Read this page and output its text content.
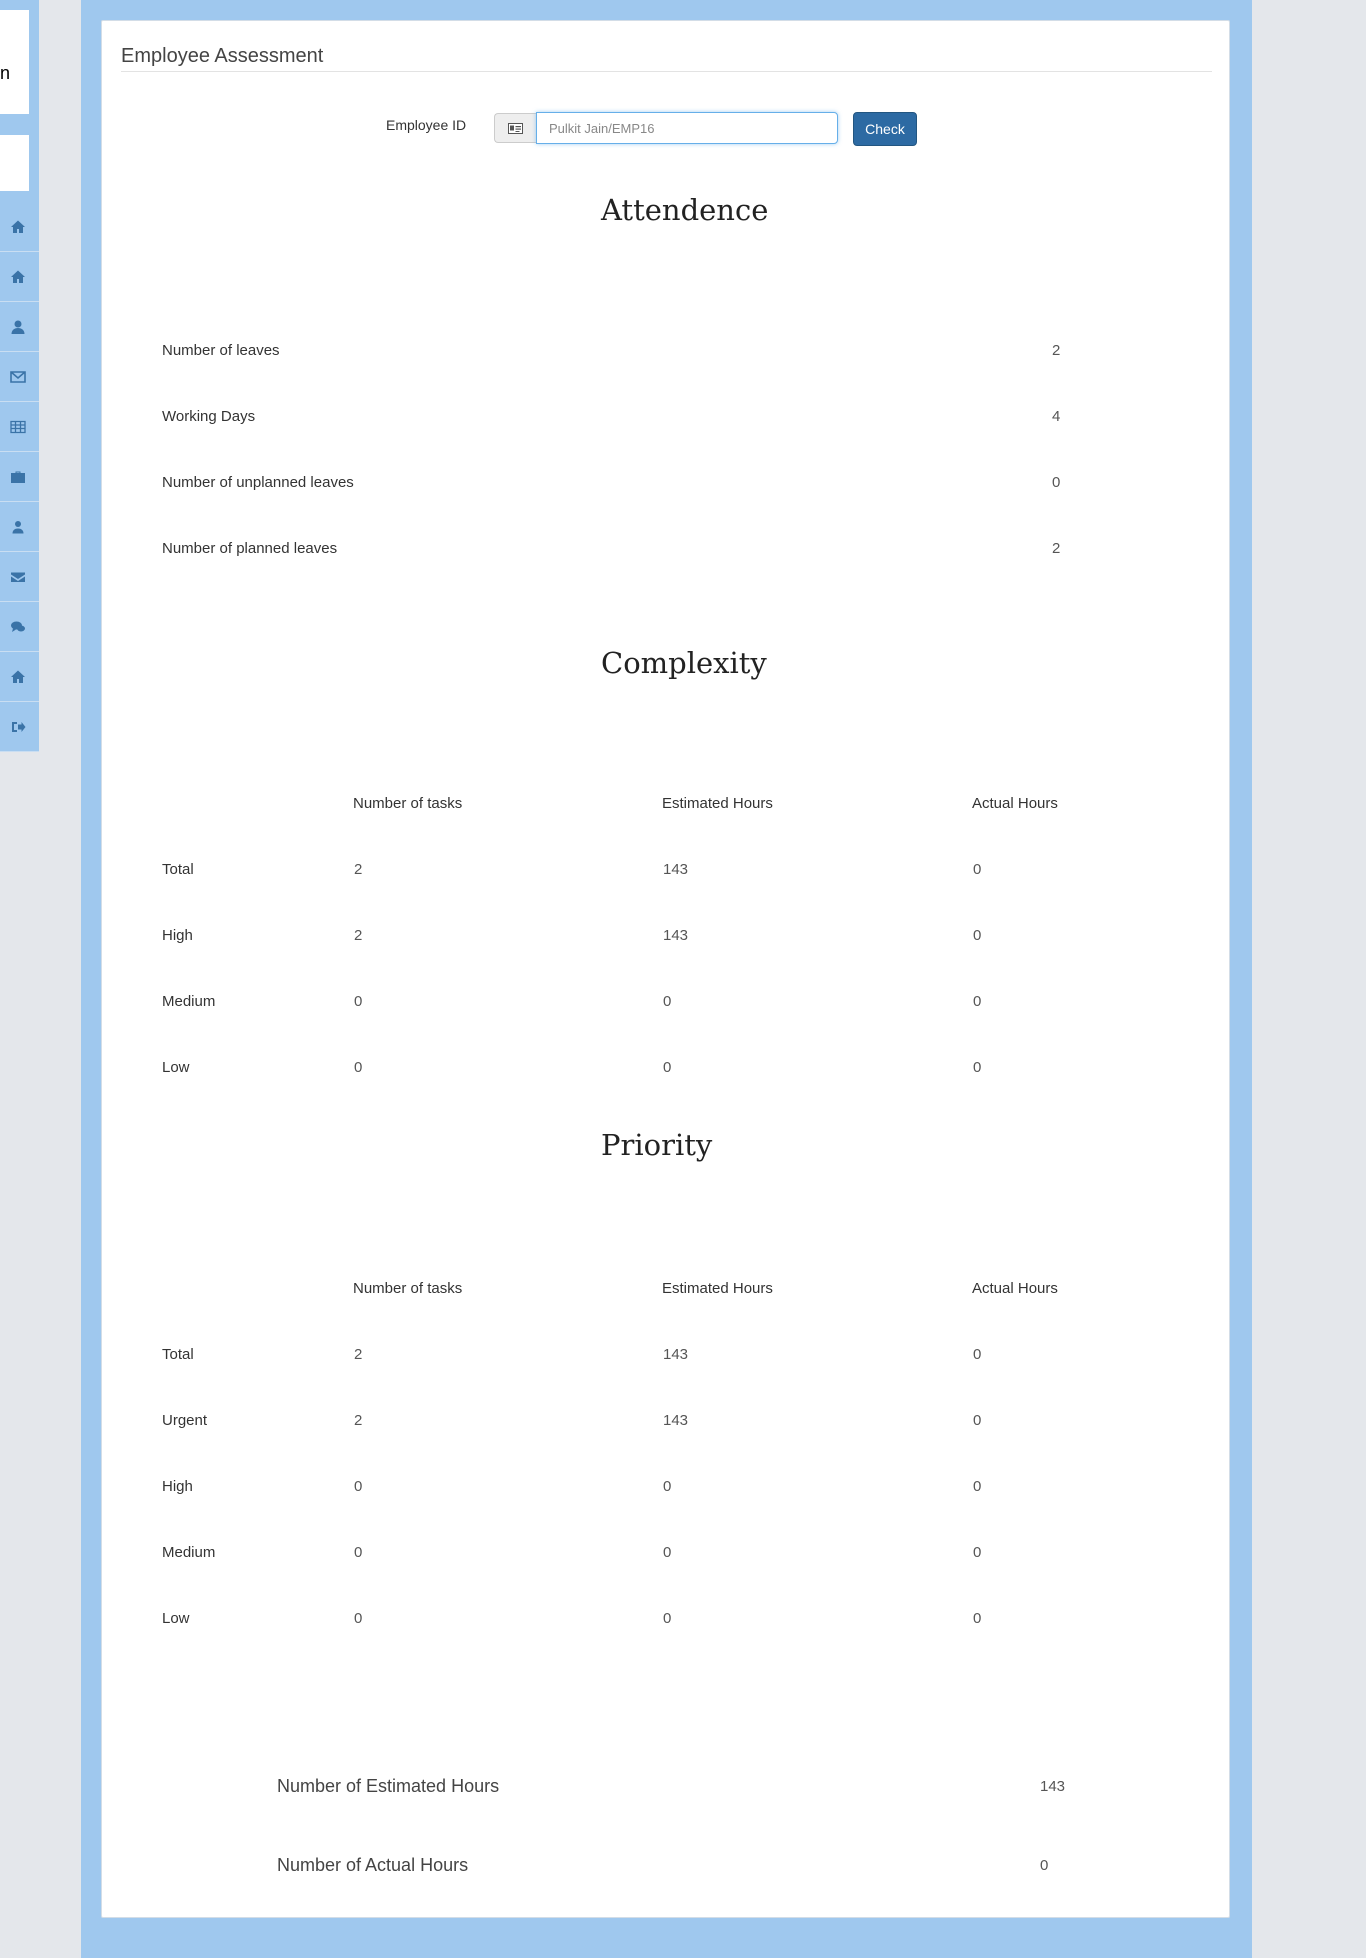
n
Employee Assessment
Employee ID
Pulkit Jain/EMP16	Check
Attendence
Number of leaves	2
Working Days	4
Number of unplanned leaves	0
Number of planned leaves	2
Complexity
Number of tasks	Estimated Hours	Actual Hours
Total	2	143	0
High	2	143	0
Medium	0	0	0
Low	0	0	0
Priority
Number of tasks	Estimated Hours	Actual Hours
Total	2	143	0
Urgent	2	143	0
High	0	0	0
Medium	0	0	0
Low	0	0	0
Number of Estimated Hours	143
Number of Actual Hours	0
